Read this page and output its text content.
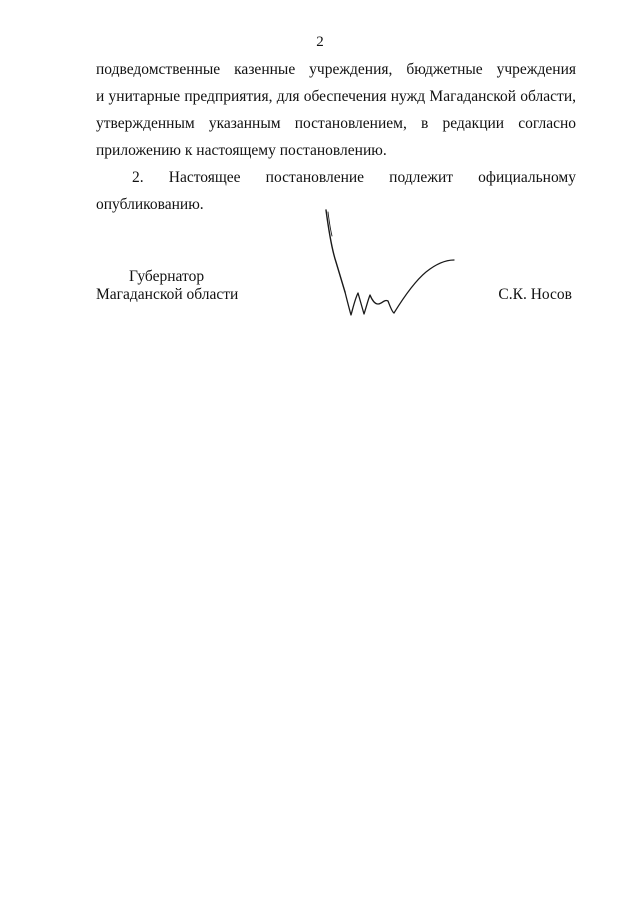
2
подведомственные казенные учреждения, бюджетные учреждения
и унитарные предприятия, для обеспечения нужд Магаданской области,
утвержденным указанным постановлением, в редакции согласно
приложению к настоящему постановлению.
2. Настоящее постановление подлежит официальному
опубликованию.
Губернатор
Магаданской области	С.К. Носов
